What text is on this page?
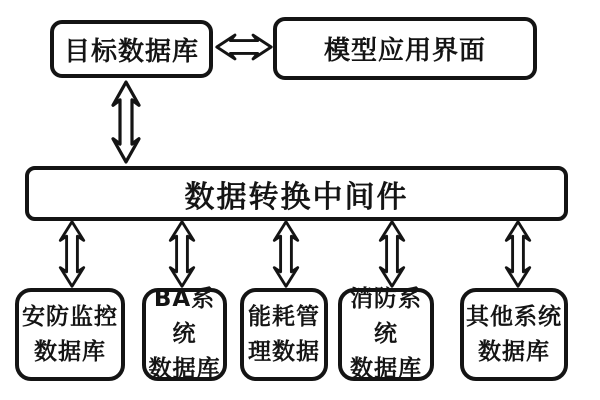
目标数据库	模型应用界面
数据转换中间件
安防监控
数据库
BA系统
数据库
能耗管
理数据
消防系统
数据库
其他系统
数据库
